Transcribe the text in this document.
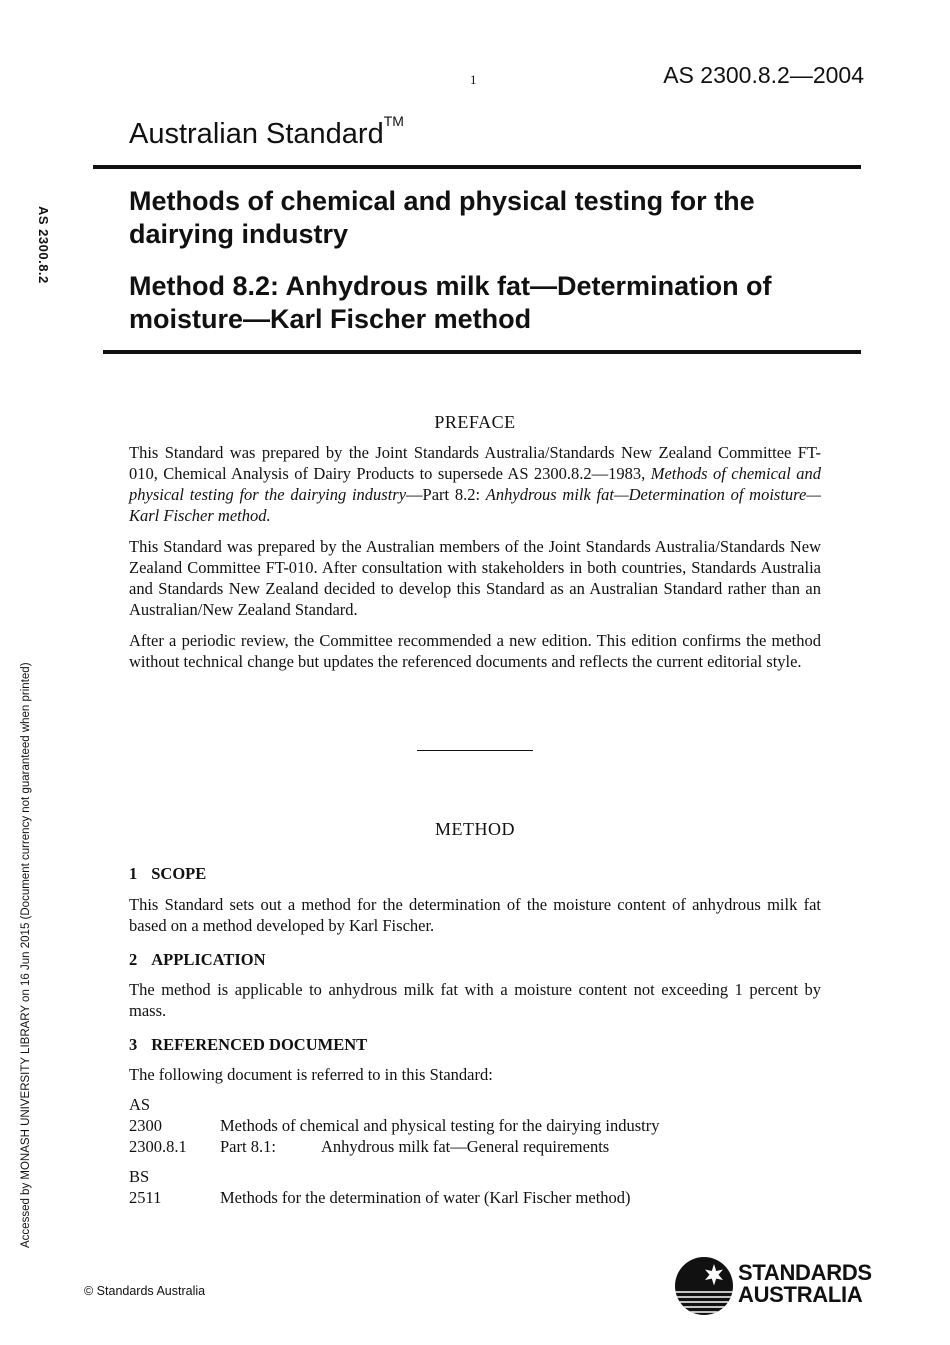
1	AS 2300.8.2—2004
Australian Standard™
Methods of chemical and physical testing for the dairying industry
Method 8.2: Anhydrous milk fat—Determination of moisture—Karl Fischer method
AS 2300.8.2
Accessed by MONASH UNIVERSITY LIBRARY on 16 Jun 2015 (Document currency not guaranteed when printed)
PREFACE

This Standard was prepared by the Joint Standards Australia/Standards New Zealand Committee FT-010, Chemical Analysis of Dairy Products to supersede AS 2300.8.2—1983, Methods of chemical and physical testing for the dairying industry—Part 8.2: Anhydrous milk fat—Determination of moisture—Karl Fischer method.

This Standard was prepared by the Australian members of the Joint Standards Australia/Standards New Zealand Committee FT-010. After consultation with stakeholders in both countries, Standards Australia and Standards New Zealand decided to develop this Standard as an Australian Standard rather than an Australian/New Zealand Standard.

After a periodic review, the Committee recommended a new edition. This edition confirms the method without technical change but updates the referenced documents and reflects the current editorial style.

METHOD
1 SCOPE

This Standard sets out a method for the determination of the moisture content of anhydrous milk fat based on a method developed by Karl Fischer.

2 APPLICATION

The method is applicable to anhydrous milk fat with a moisture content not exceeding 1 percent by mass.

3 REFERENCED DOCUMENT

The following document is referred to in this Standard:

AS
2300	Methods of chemical and physical testing for the dairying industry
2300.8.1	Part 8.1:	Anhydrous milk fat—General requirements
BS
2511	Methods for the determination of water (Karl Fischer method)
© Standards Australia
STANDARDS
AUSTRALIA
